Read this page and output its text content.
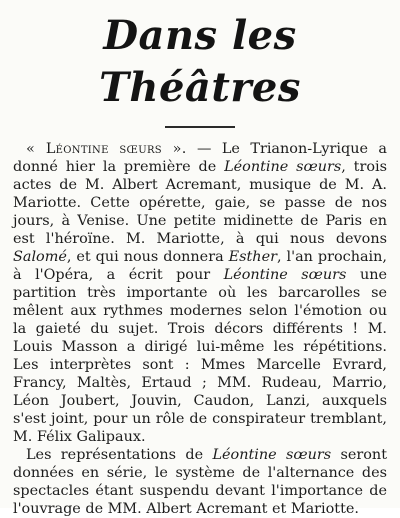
Dans les Théâtres

« Léontine sœurs ». — Le Trianon-Lyrique a donné hier la première de Léontine sœurs, trois actes de M. Albert Acremant, musique de M. A. Mariotte. Cette opérette, gaie, se passe de nos jours, à Venise. Une petite midinette de Paris en est l'héroïne. M. Mariotte, à qui nous devons Salomé, et qui nous donnera Esther, l'an prochain, à l'Opéra, a écrit pour Léontine sœurs une partition très importante où les barcarolles se mêlent aux rythmes modernes selon l'émotion ou la gaieté du sujet. Trois décors différents ! M. Louis Masson a dirigé lui-même les répétitions. Les interprètes sont : Mmes Marcelle Evrard, Francy, Maltès, Ertaud ; MM. Rudeau, Marrio, Léon Joubert, Jouvin, Caudon, Lanzi, auxquels s'est joint, pour un rôle de conspirateur tremblant, M. Félix Galipaux.

Les représentations de Léontine sœurs seront données en série, le système de l'alternance des spectacles étant suspendu devant l'importance de l'ouvrage de MM. Albert Acremant et Mariotte.
